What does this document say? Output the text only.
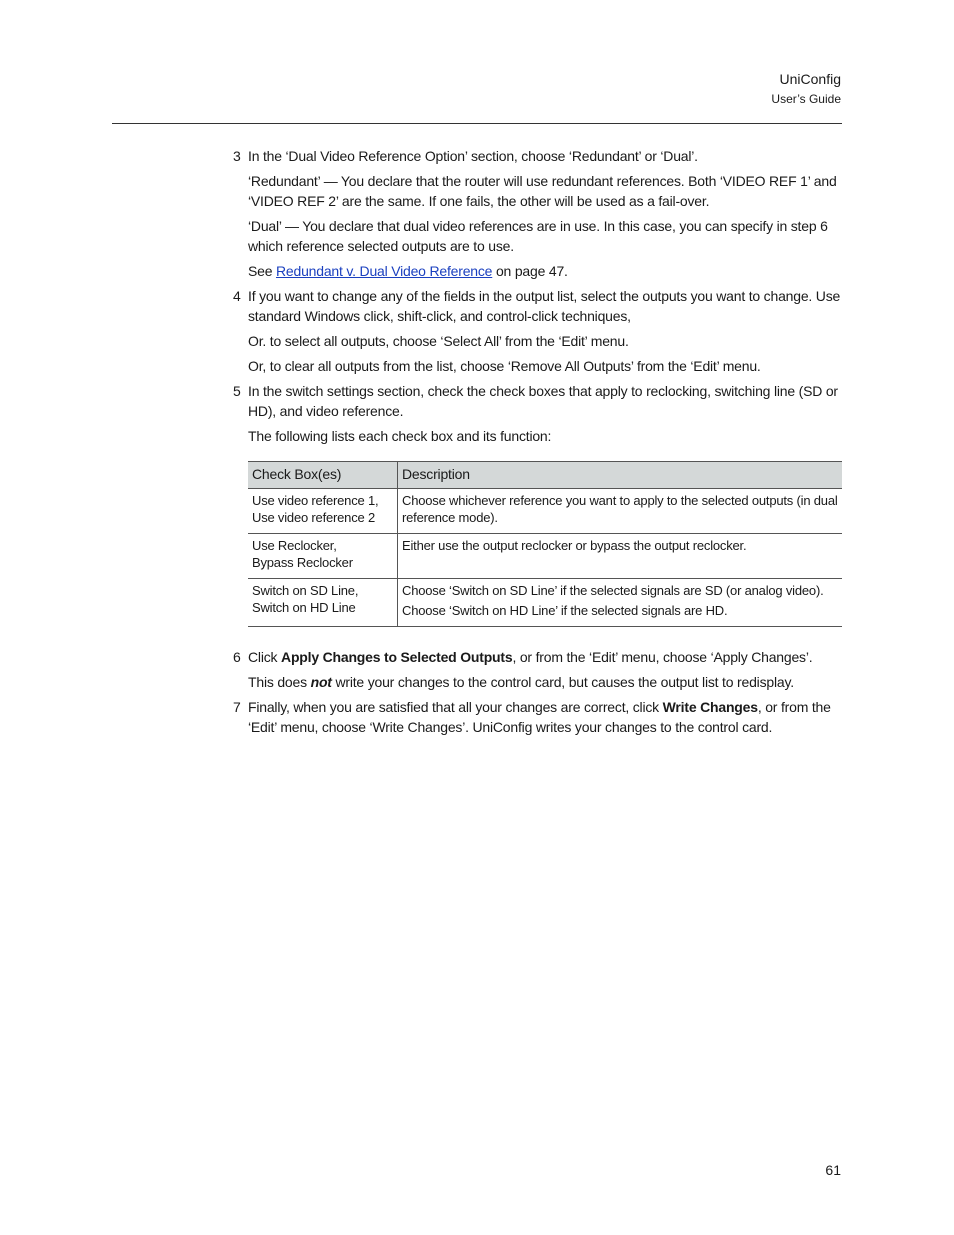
UniConfig
User’s Guide
3 In the ‘Dual Video Reference Option’ section, choose ‘Redundant’ or ‘Dual’.

‘Redundant’ — You declare that the router will use redundant references. Both ‘VIDEO REF 1’ and ‘VIDEO REF 2’ are the same. If one fails, the other will be used as a fail-over.

‘Dual’ — You declare that dual video references are in use. In this case, you can specify in step 6 which reference selected outputs are to use.

See Redundant v. Dual Video Reference on page 47.

4 If you want to change any of the fields in the output list, select the outputs you want to change. Use standard Windows click, shift-click, and control-click techniques,

Or. to select all outputs, choose ‘Select All’ from the ‘Edit’ menu.

Or, to clear all outputs from the list, choose ‘Remove All Outputs’ from the ‘Edit’ menu.

5 In the switch settings section, check the check boxes that apply to reclocking, switching line (SD or HD), and video reference.

The following lists each check box and its function:

Check Box(es)	Description

Use video reference 1,
Use video reference 2	Choose whichever reference you want to apply to the selected outputs (in dual reference mode).

Use Reclocker,
Bypass Reclocker	Either use the output reclocker or bypass the output reclocker.

Switch on SD Line,
Switch on HD Line	Choose ‘Switch on SD Line’ if the selected signals are SD (or analog video).
Choose ‘Switch on HD Line’ if the selected signals are HD.
6 Click Apply Changes to Selected Outputs, or from the ‘Edit’ menu, choose ‘Apply Changes’.

This does not write your changes to the control card, but causes the output list to redisplay.

7 Finally, when you are satisfied that all your changes are correct, click Write Changes, or from the ‘Edit’ menu, choose ‘Write Changes’. UniConfig writes your changes to the control card.

61
